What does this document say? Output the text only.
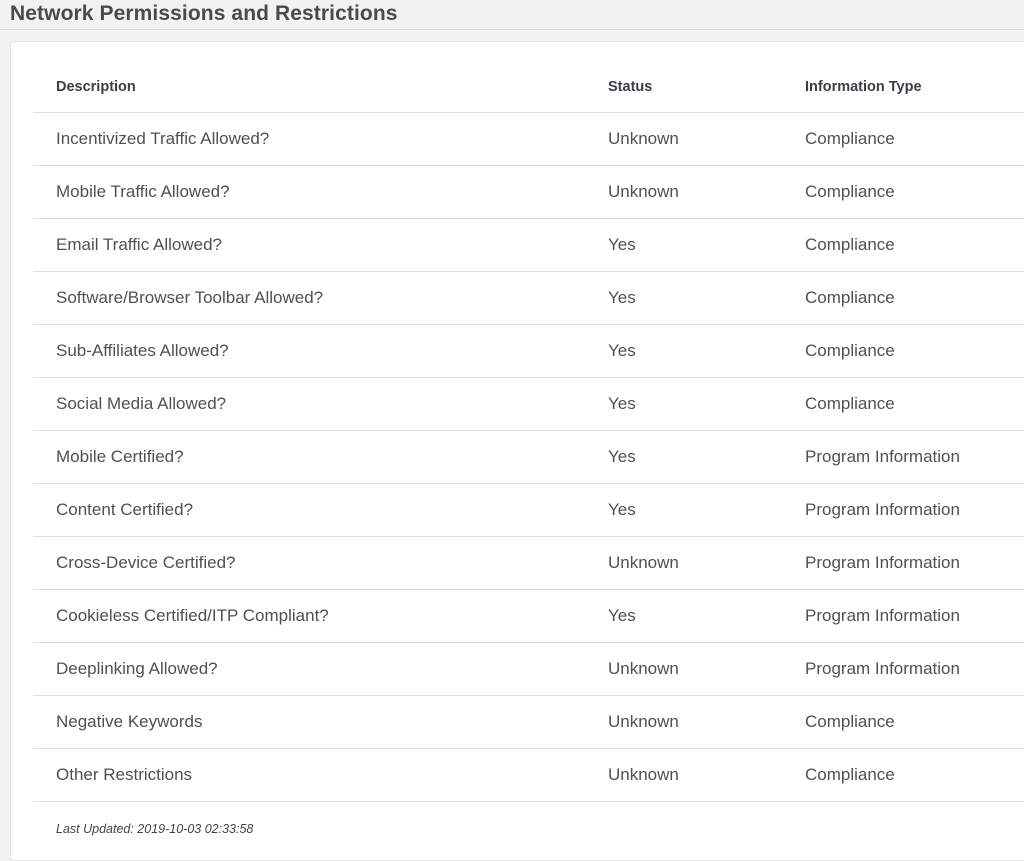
Network Permissions and Restrictions
Description	Status	Information Type
Incentivized Traffic Allowed?	Unknown	Compliance
Mobile Traffic Allowed?	Unknown	Compliance
Email Traffic Allowed?	Yes	Compliance
Software/Browser Toolbar Allowed?	Yes	Compliance
Sub-Affiliates Allowed?	Yes	Compliance
Social Media Allowed?	Yes	Compliance
Mobile Certified?	Yes	Program Information
Content Certified?	Yes	Program Information
Cross-Device Certified?	Unknown	Program Information
Cookieless Certified/ITP Compliant?	Yes	Program Information
Deeplinking Allowed?	Unknown	Program Information
Negative Keywords	Unknown	Compliance
Other Restrictions	Unknown	Compliance
Last Updated: 2019-10-03 02:33:58
